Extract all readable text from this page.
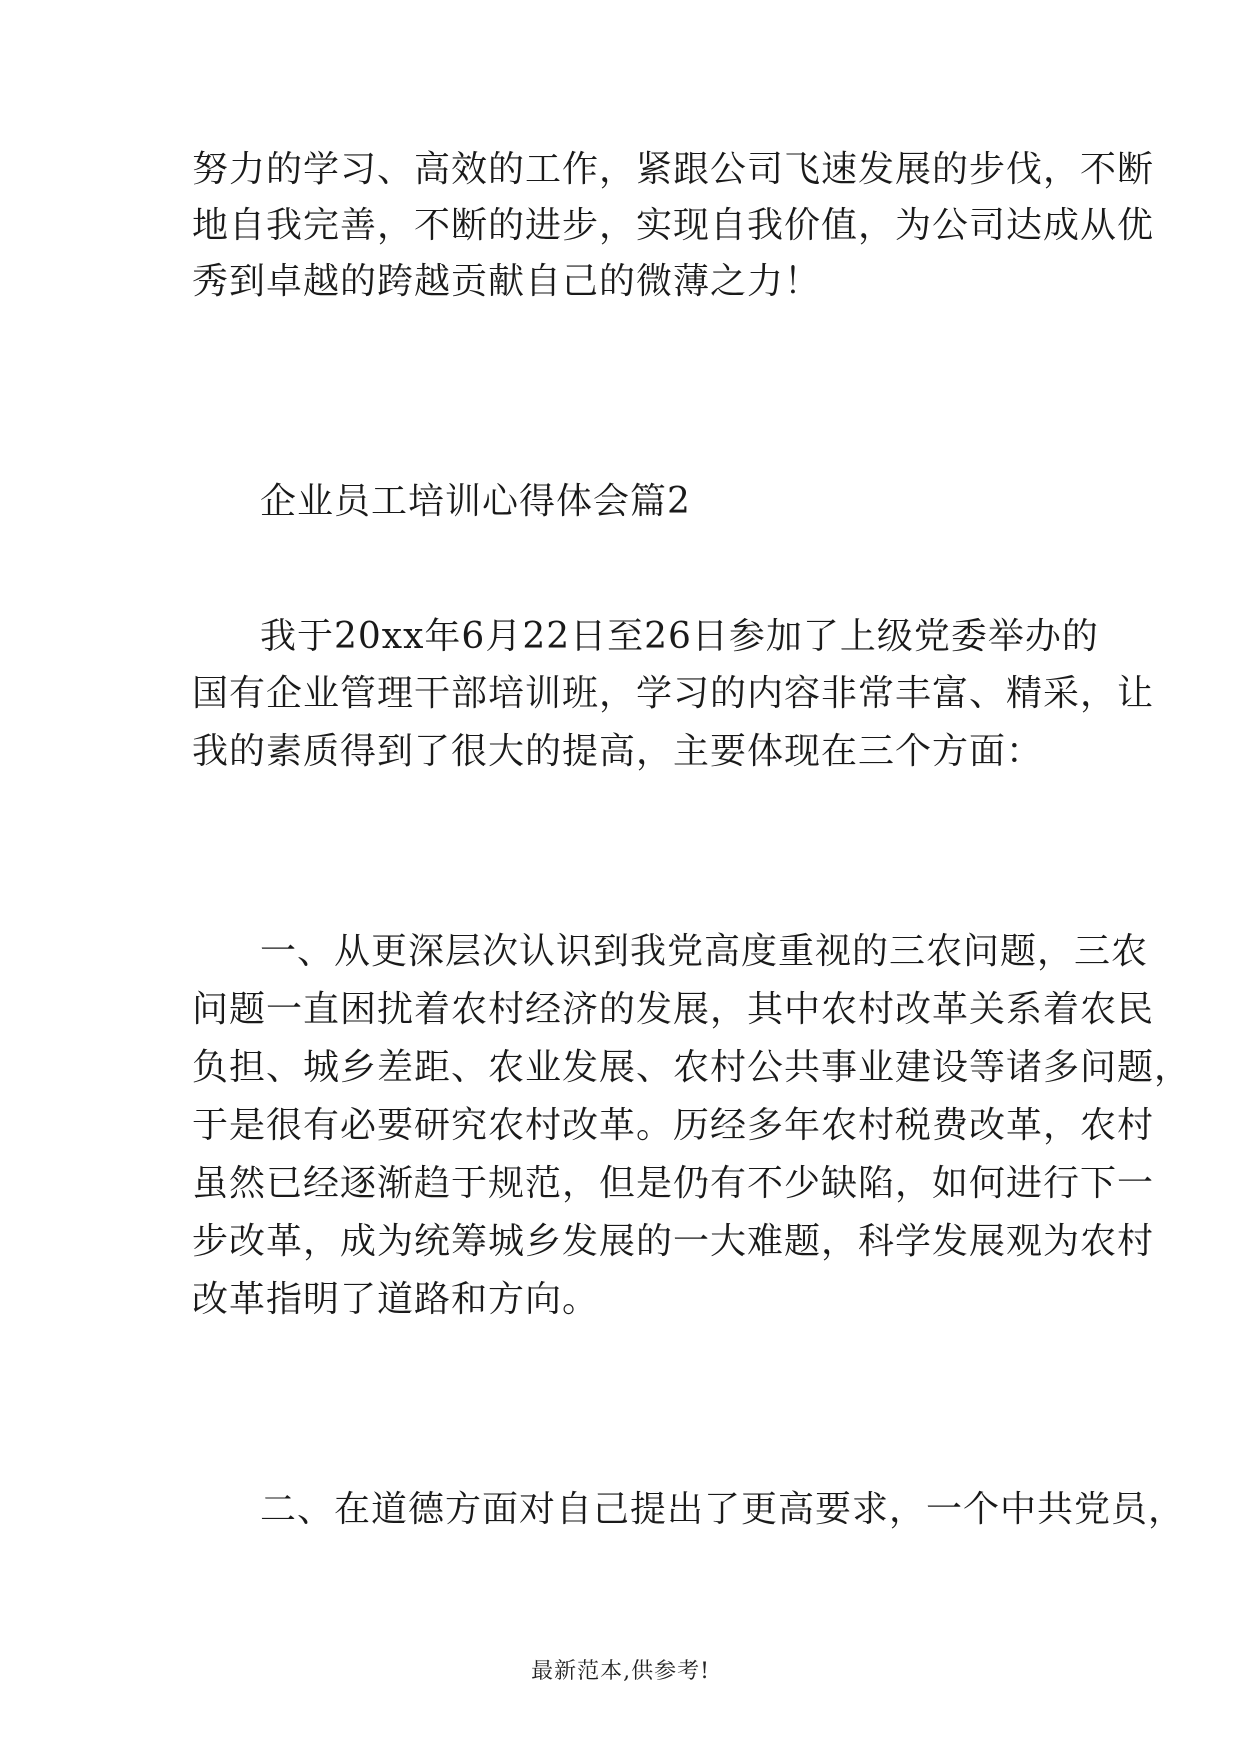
努力的学习、高效的工作，紧跟公司飞速发展的步伐，不断
地自我完善，不断的进步，实现自我价值，为公司达成从优
秀到卓越的跨越贡献自己的微薄之力！
企业员工培训心得体会篇2
我于20xx年6月22日至26日参加了上级党委举办的
国有企业管理干部培训班，学习的内容非常丰富、精采，让
我的素质得到了很大的提高，主要体现在三个方面：
一、从更深层次认识到我党高度重视的三农问题，三农
问题一直困扰着农村经济的发展，其中农村改革关系着农民
负担、城乡差距、农业发展、农村公共事业建设等诸多问题，
于是很有必要研究农村改革。历经多年农村税费改革，农村
虽然已经逐渐趋于规范，但是仍有不少缺陷，如何进行下一
步改革，成为统筹城乡发展的一大难题，科学发展观为农村
改革指明了道路和方向。
二、在道德方面对自己提出了更高要求，一个中共党员，
最新范本,供参考!
